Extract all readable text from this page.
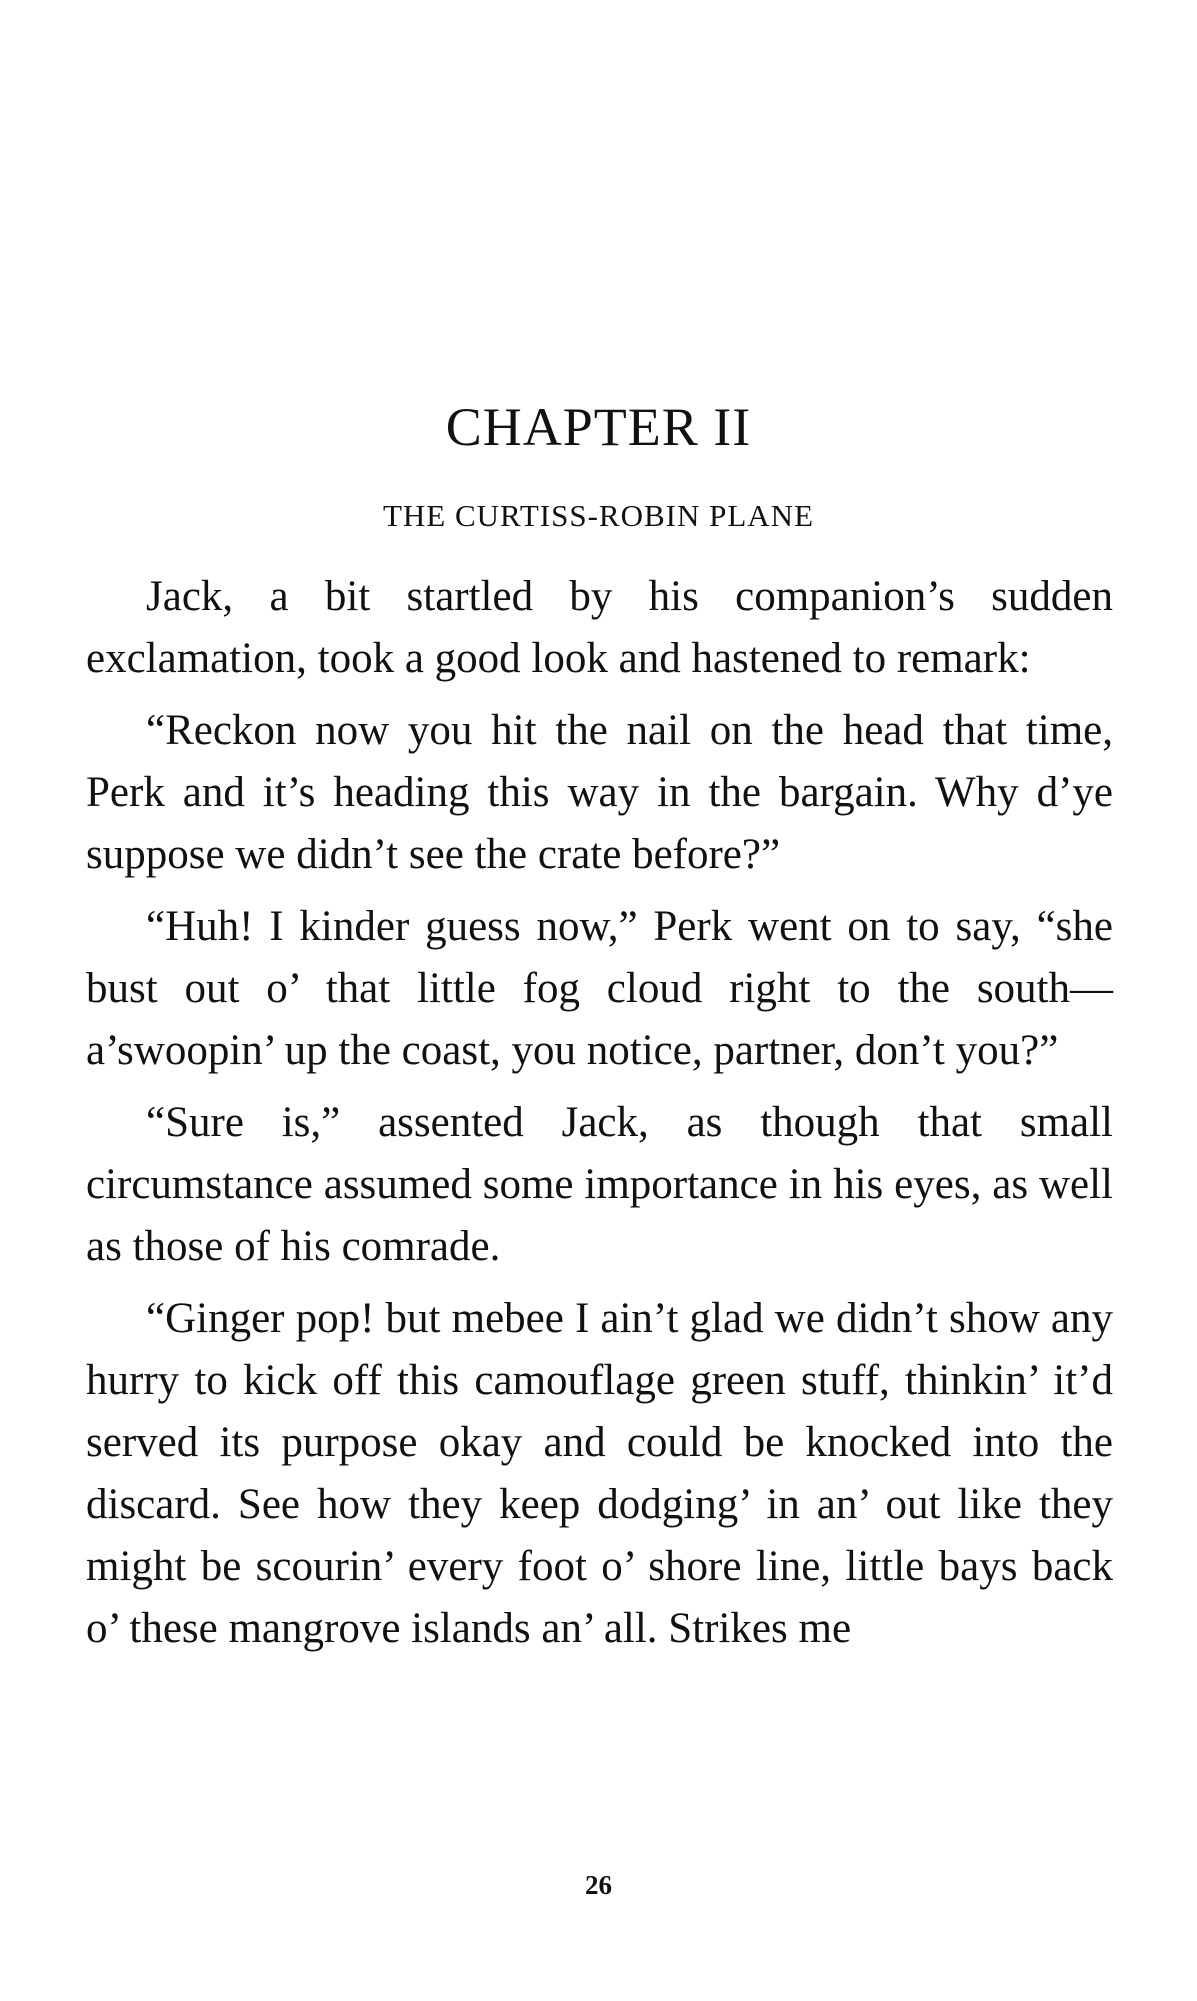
CHAPTER II
THE CURTISS-ROBIN PLANE

Jack, a bit startled by his companion’s sudden exclamation, took a good look and hastened to remark:

“Reckon now you hit the nail on the head that time, Perk and it’s heading this way in the bargain. Why d’ye suppose we didn’t see the crate before?”

“Huh! I kinder guess now,” Perk went on to say, “she bust out o’ that little fog cloud right to the south—a’swoopin’ up the coast, you notice, partner, don’t you?”

“Sure is,” assented Jack, as though that small circumstance assumed some importance in his eyes, as well as those of his comrade.

“Ginger pop! but mebee I ain’t glad we didn’t show any hurry to kick off this camouflage green stuff, thinkin’ it’d served its purpose okay and could be knocked into the discard. See how they keep dodging’ in an’ out like they might be scourin’ every foot o’ shore line, little bays back o’ these mangrove islands an’ all. Strikes me

26
